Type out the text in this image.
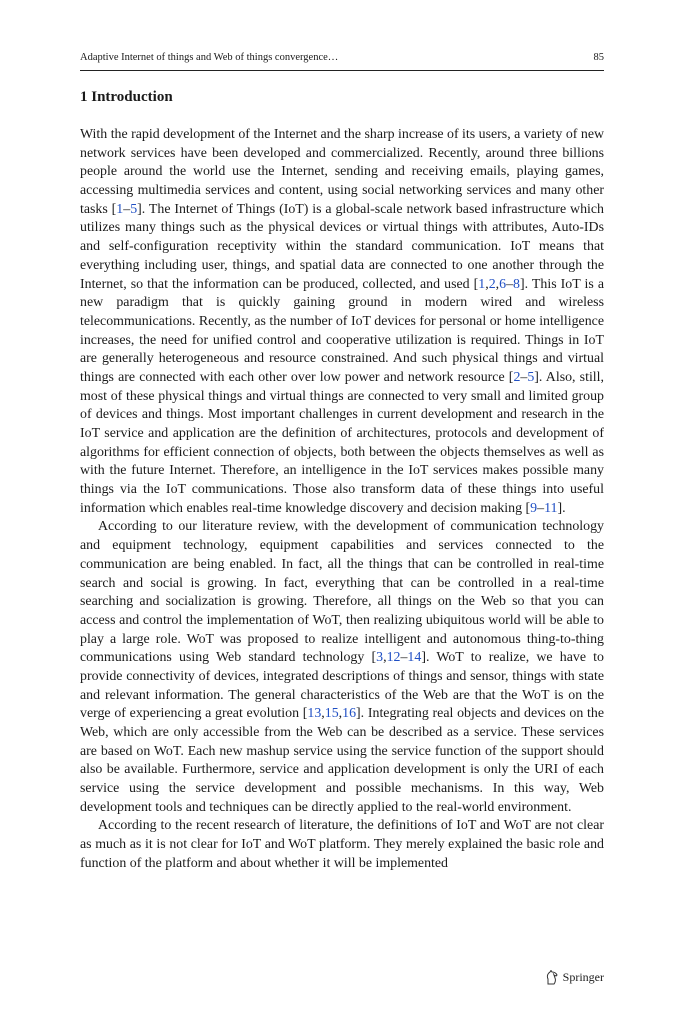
Adaptive Internet of things and Web of things convergence…	85
1 Introduction

With the rapid development of the Internet and the sharp increase of its users, a variety of new network services have been developed and commercialized. Recently, around three billions people around the world use the Internet, sending and receiving emails, playing games, accessing multimedia services and content, using social networking services and many other tasks [1–5]. The Internet of Things (IoT) is a global-scale network based infrastructure which utilizes many things such as the physical devices or virtual things with attributes, Auto-IDs and self-configuration receptivity within the standard communication. IoT means that everything including user, things, and spatial data are connected to one another through the Internet, so that the information can be produced, collected, and used [1,2,6–8]. This IoT is a new paradigm that is quickly gaining ground in modern wired and wireless telecommunications. Recently, as the number of IoT devices for personal or home intelligence increases, the need for unified control and cooperative utilization is required. Things in IoT are generally heterogeneous and resource constrained. And such physical things and virtual things are connected with each other over low power and network resource [2–5]. Also, still, most of these physical things and virtual things are connected to very small and limited group of devices and things. Most important challenges in current development and research in the IoT service and application are the definition of architectures, protocols and development of algorithms for efficient connection of objects, both between the objects themselves as well as with the future Internet. Therefore, an intelligence in the IoT services makes possible many things via the IoT communications. Those also transform data of these things into useful information which enables real-time knowledge discovery and decision making [9–11].

According to our literature review, with the development of communication technology and equipment technology, equipment capabilities and services connected to the communication are being enabled. In fact, all the things that can be controlled in real-time search and social is growing. In fact, everything that can be controlled in a real-time searching and socialization is growing. Therefore, all things on the Web so that you can access and control the implementation of WoT, then realizing ubiquitous world will be able to play a large role. WoT was proposed to realize intelligent and autonomous thing-to-thing communications using Web standard technology [3,12–14]. WoT to realize, we have to provide connectivity of devices, integrated descriptions of things and sensor, things with state and relevant information. The general characteristics of the Web are that the WoT is on the verge of experiencing a great evolution [13,15,16]. Integrating real objects and devices on the Web, which are only accessible from the Web can be described as a service. These services are based on WoT. Each new mashup service using the service function of the support should also be available. Furthermore, service and application development is only the URI of each service using the service development and possible mechanisms. In this way, Web development tools and techniques can be directly applied to the real-world environment.

According to the recent research of literature, the definitions of IoT and WoT are not clear as much as it is not clear for IoT and WoT platform. They merely explained the basic role and function of the platform and about whether it will be implemented

Springer
